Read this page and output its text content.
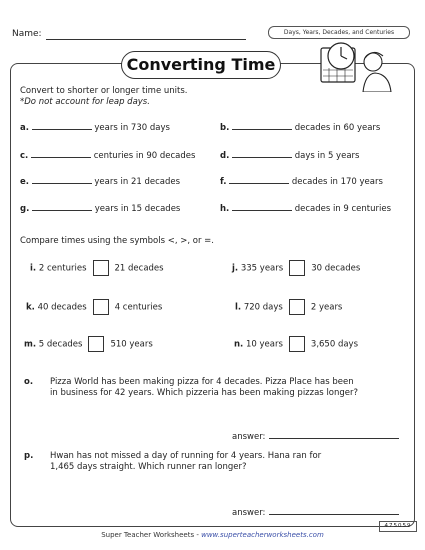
Name:	Days, Years, Decades, and Centuries
Converting Time
Convert to shorter or longer time units.
*Do not account for leap days.
a.	years in 730 days	b.	decades in 60 years
c.	centuries in 90 decades	d.	days in 5 years
e.	years in 21 decades	f.	decades in 170 years
g.	years in 15 decades	h.	decades in 9 centuries
Compare times using the symbols <, >, or =.
i. 2 centuries	21 decades	j. 335 years	30 decades
k. 40 decades	4 centuries	l. 720 days	2 years
m. 5 decades	510 years	n. 10 years	3,650 days
o. Pizza World has been making pizza for 4 decades. Pizza Place has been
in business for 42 years. Which pizzeria has been making pizzas longer?
answer:
p. Hwan has not missed a day of running for 4 years. Hana ran for
1,465 days straight. Which runner ran longer?
answer:
475059
Super Teacher Worksheets - www.superteacherworksheets.com
